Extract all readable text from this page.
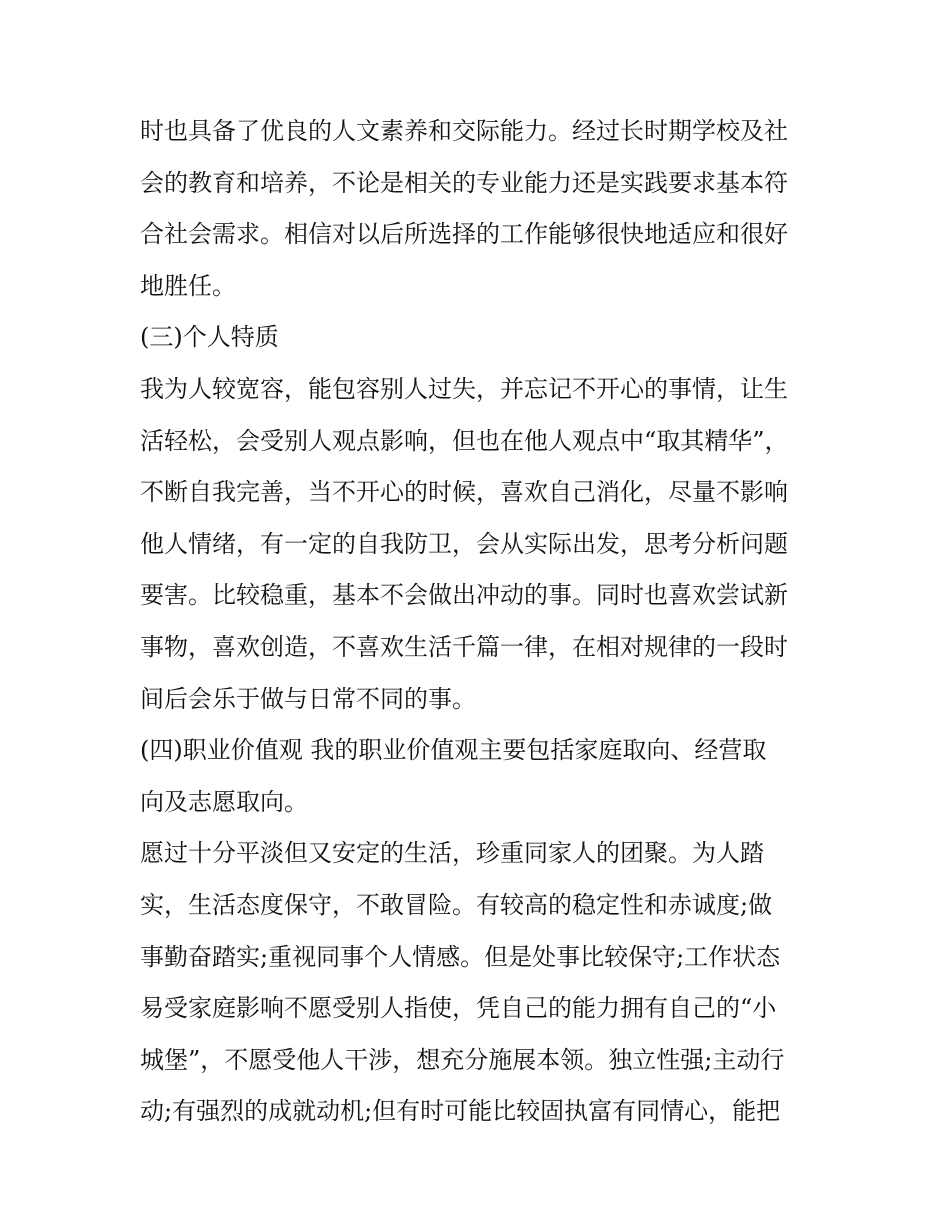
时也具备了优良的人文素养和交际能力。经过长时期学校及社
会的教育和培养，不论是相关的专业能力还是实践要求基本符
合社会需求。相信对以后所选择的工作能够很快地适应和很好
地胜任。
(三)个人特质
我为人较宽容，能包容别人过失，并忘记不开心的事情，让生
活轻松，会受别人观点影响，但也在他人观点中“取其精华”，
不断自我完善，当不开心的时候，喜欢自己消化，尽量不影响
他人情绪，有一定的自我防卫，会从实际出发，思考分析问题
要害。比较稳重，基本不会做出冲动的事。同时也喜欢尝试新
事物，喜欢创造，不喜欢生活千篇一律，在相对规律的一段时
间后会乐于做与日常不同的事。
(四)职业价值观 我的职业价值观主要包括家庭取向、经营取
向及志愿取向。
愿过十分平淡但又安定的生活，珍重同家人的团聚。为人踏
实，生活态度保守，不敢冒险。有较高的稳定性和赤诚度;做
事勤奋踏实;重视同事个人情感。但是处事比较保守;工作状态
易受家庭影响不愿受别人指使，凭自己的能力拥有自己的“小
城堡”，不愿受他人干涉，想充分施展本领。独立性强;主动行
动;有强烈的成就动机;但有时可能比较固执富有同情心，能把
